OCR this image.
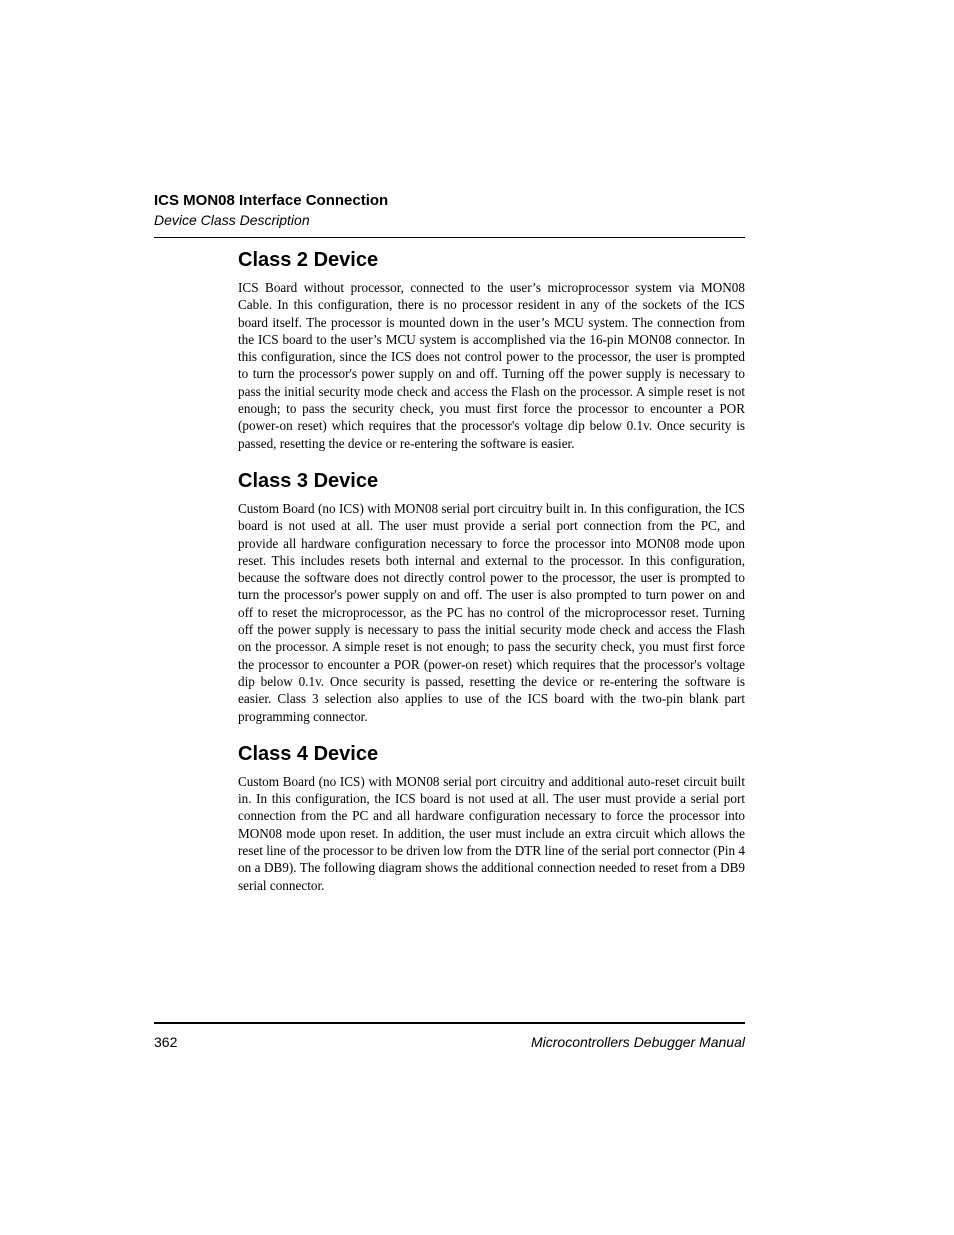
ICS MON08 Interface Connection

Device Class Description

Class 2 Device

ICS Board without processor, connected to the user’s microprocessor system via MON08 Cable. In this configuration, there is no processor resident in any of the sockets of the ICS board itself. The processor is mounted down in the user’s MCU system. The connection from the ICS board to the user’s MCU system is accomplished via the 16-pin MON08 connector. In this configuration, since the ICS does not control power to the processor, the user is prompted to turn the processor's power supply on and off. Turning off the power supply is necessary to pass the initial security mode check and access the Flash on the processor. A simple reset is not enough; to pass the security check, you must first force the processor to encounter a POR (power-on reset) which requires that the processor's voltage dip below 0.1v. Once security is passed, resetting the device or re-entering the software is easier.

Class 3 Device

Custom Board (no ICS) with MON08 serial port circuitry built in. In this configuration, the ICS board is not used at all. The user must provide a serial port connection from the PC, and provide all hardware configuration necessary to force the processor into MON08 mode upon reset. This includes resets both internal and external to the processor. In this configuration, because the software does not directly control power to the processor, the user is prompted to turn the processor's power supply on and off. The user is also prompted to turn power on and off to reset the microprocessor, as the PC has no control of the microprocessor reset. Turning off the power supply is necessary to pass the initial security mode check and access the Flash on the processor. A simple reset is not enough; to pass the security check, you must first force the processor to encounter a POR (power-on reset) which requires that the processor's voltage dip below 0.1v. Once security is passed, resetting the device or re-entering the software is easier. Class 3 selection also applies to use of the ICS board with the two-pin blank part programming connector.

Class 4 Device

Custom Board (no ICS) with MON08 serial port circuitry and additional auto-reset circuit built in. In this configuration, the ICS board is not used at all. The user must provide a serial port connection from the PC and all hardware configuration necessary to force the processor into MON08 mode upon reset. In addition, the user must include an extra circuit which allows the reset line of the processor to be driven low from the DTR line of the serial port connector (Pin 4 on a DB9). The following diagram shows the additional connection needed to reset from a DB9 serial connector.

362	Microcontrollers Debugger Manual
